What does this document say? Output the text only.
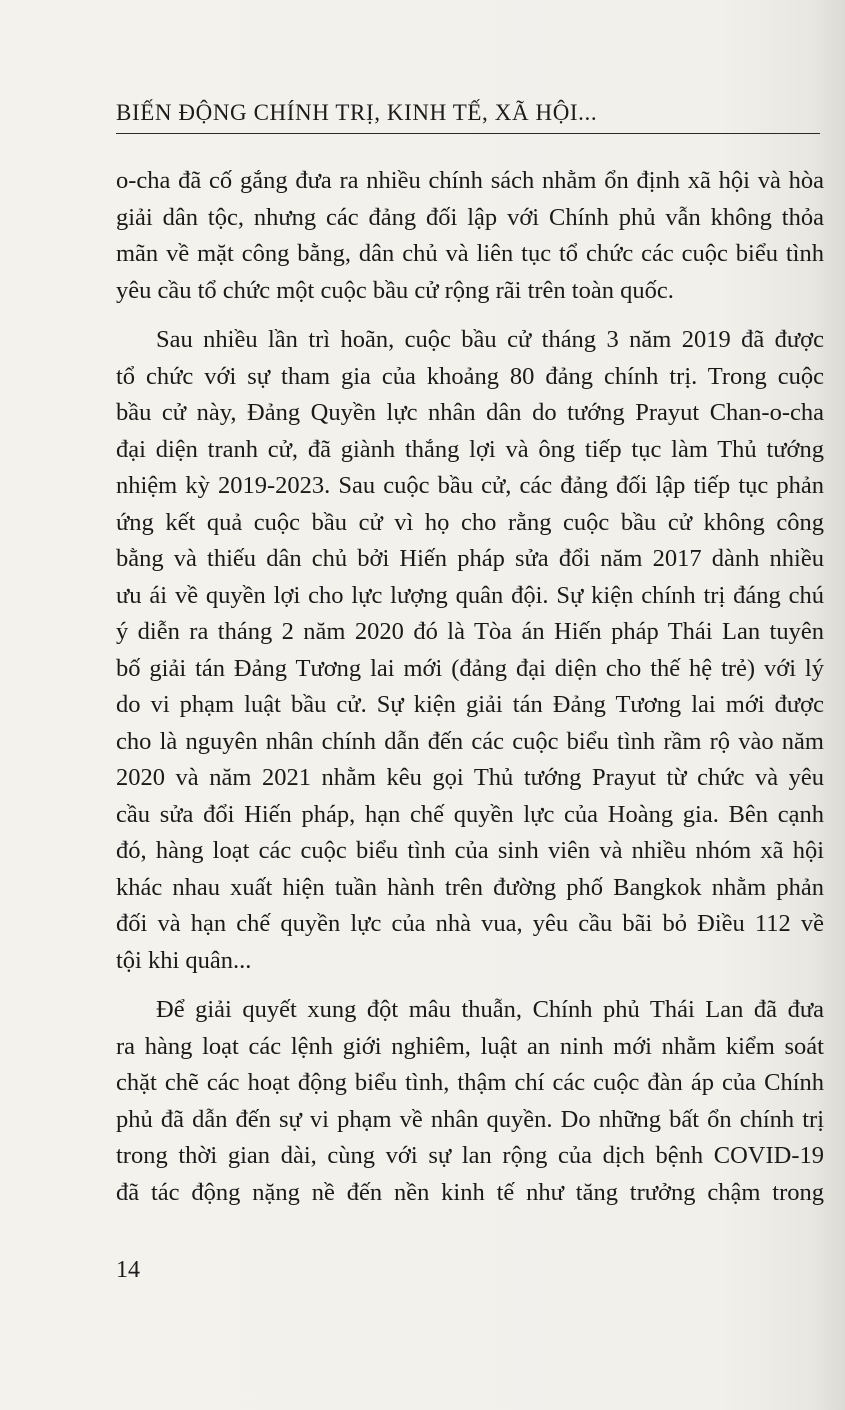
BIẾN ĐỘNG CHÍNH TRỊ, KINH TẾ, XÃ HỘI...
o-cha đã cố gắng đưa ra nhiều chính sách nhằm ổn định xã hội và hòa
giải dân tộc, nhưng các đảng đối lập với Chính phủ vẫn không thỏa
mãn về mặt công bằng, dân chủ và liên tục tổ chức các cuộc biểu tình
yêu cầu tổ chức một cuộc bầu cử rộng rãi trên toàn quốc.
Sau nhiều lần trì hoãn, cuộc bầu cử tháng 3 năm 2019 đã được
tổ chức với sự tham gia của khoảng 80 đảng chính trị. Trong cuộc
bầu cử này, Đảng Quyền lực nhân dân do tướng Prayut Chan-o-cha
đại diện tranh cử, đã giành thắng lợi và ông tiếp tục làm Thủ tướng
nhiệm kỳ 2019-2023. Sau cuộc bầu cử, các đảng đối lập tiếp tục phản
ứng kết quả cuộc bầu cử vì họ cho rằng cuộc bầu cử không công
bằng và thiếu dân chủ bởi Hiến pháp sửa đổi năm 2017 dành nhiều
ưu ái về quyền lợi cho lực lượng quân đội. Sự kiện chính trị đáng chú
ý diễn ra tháng 2 năm 2020 đó là Tòa án Hiến pháp Thái Lan tuyên
bố giải tán Đảng Tương lai mới (đảng đại diện cho thế hệ trẻ) với lý
do vi phạm luật bầu cử. Sự kiện giải tán Đảng Tương lai mới được
cho là nguyên nhân chính dẫn đến các cuộc biểu tình rầm rộ vào năm
2020 và năm 2021 nhằm kêu gọi Thủ tướng Prayut từ chức và yêu
cầu sửa đổi Hiến pháp, hạn chế quyền lực của Hoàng gia. Bên cạnh
đó, hàng loạt các cuộc biểu tình của sinh viên và nhiều nhóm xã hội
khác nhau xuất hiện tuần hành trên đường phố Bangkok nhằm phản
đối và hạn chế quyền lực của nhà vua, yêu cầu bãi bỏ Điều 112 về
tội khi quân...
Để giải quyết xung đột mâu thuẫn, Chính phủ Thái Lan đã đưa
ra hàng loạt các lệnh giới nghiêm, luật an ninh mới nhằm kiểm soát
chặt chẽ các hoạt động biểu tình, thậm chí các cuộc đàn áp của Chính
phủ đã dẫn đến sự vi phạm về nhân quyền. Do những bất ổn chính trị
trong thời gian dài, cùng với sự lan rộng của dịch bệnh COVID-19
đã tác động nặng nề đến nền kinh tế như tăng trưởng chậm trong
14
